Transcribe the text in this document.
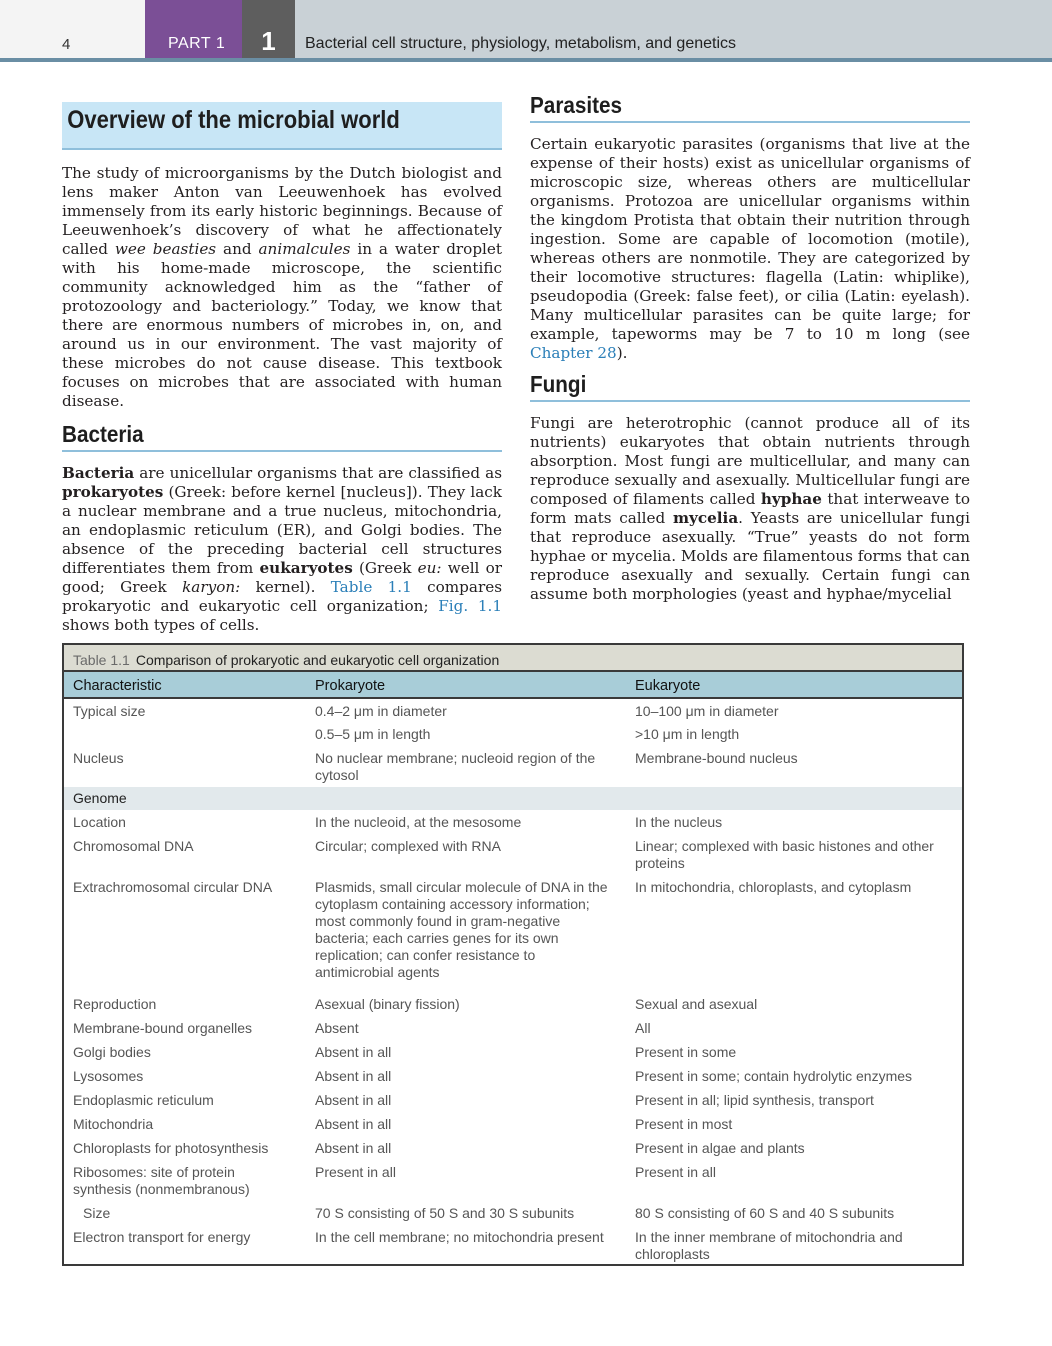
4	PART 1	1	Bacterial cell structure, physiology, metabolism, and genetics
Overview of the microbial world

The study of microorganisms by the Dutch biologist and lens maker Anton van Leeuwenhoek has evolved immensely from its early historic beginnings. Because of Leeuwenhoek’s discovery of what he affectionately called wee beasties and animalcules in a water droplet with his home-made microscope, the scientific community acknowledged him as the “father of protozoology and bacteriology.” Today, we know that there are enormous numbers of microbes in, on, and around us in our environment. The vast majority of these microbes do not cause disease. This textbook focuses on microbes that are associated with human disease.

Bacteria

Bacteria are unicellular organisms that are classified as prokaryotes (Greek: before kernel [nucleus]). They lack a nuclear membrane and a true nucleus, mitochondria, an endoplasmic reticulum (ER), and Golgi bodies. The absence of the preceding bacterial cell structures differentiates them from eukaryotes (Greek eu: well or good; Greek karyon: kernel). Table 1.1 compares prokaryotic and eukaryotic cell organization; Fig. 1.1 shows both types of cells.

Parasites

Certain eukaryotic parasites (organisms that live at the expense of their hosts) exist as unicellular organisms of microscopic size, whereas others are multicellular organisms. Protozoa are unicellular organisms within the kingdom Protista that obtain their nutrition through ingestion. Some are capable of locomotion (motile), whereas others are nonmotile. They are categorized by their locomotive structures: flagella (Latin: whiplike), pseudopodia (Greek: false feet), or cilia (Latin: eyelash). Many multicellular parasites can be quite large; for example, tapeworms may be 7 to 10 m long (see Chapter 28).

Fungi

Fungi are heterotrophic (cannot produce all of its nutrients) eukaryotes that obtain nutrients through absorption. Most fungi are multicellular, and many can reproduce sexually and asexually. Multicellular fungi are composed of filaments called hyphae that interweave to form mats called mycelia. Yeasts are unicellular fungi that reproduce asexually. “True” yeasts do not form hyphae or mycelia. Molds are filamentous forms that can reproduce asexually and sexually. Certain fungi can assume both morphologies (yeast and hyphae/mycelial

Table 1.1 Comparison of prokaryotic and eukaryotic cell organization
Characteristic	Prokaryote	Eukaryote
Typical size	0.4–2 μm in diameter	10–100 μm in diameter
	0.5–5 μm in length	>10 μm in length
Nucleus	No nuclear membrane; nucleoid region of the cytosol	Membrane-bound nucleus
Genome		
Location	In the nucleoid, at the mesosome	In the nucleus
Chromosomal DNA	Circular; complexed with RNA	Linear; complexed with basic histones and other proteins
Extrachromosomal circular DNA	Plasmids, small circular molecule of DNA in the cytoplasm containing accessory information; most commonly found in gram-negative bacteria; each carries genes for its own replication; can confer resistance to antimicrobial agents	In mitochondria, chloroplasts, and cytoplasm
Reproduction	Asexual (binary fission)	Sexual and asexual
Membrane-bound organelles	Absent	All
Golgi bodies	Absent in all	Present in some
Lysosomes	Absent in all	Present in some; contain hydrolytic enzymes
Endoplasmic reticulum	Absent in all	Present in all; lipid synthesis, transport
Mitochondria	Absent in all	Present in most
Chloroplasts for photosynthesis	Absent in all	Present in algae and plants
Ribosomes: site of protein synthesis (nonmembranous)	Present in all	Present in all
Size	70 S consisting of 50 S and 30 S subunits	80 S consisting of 60 S and 40 S subunits
Electron transport for energy	In the cell membrane; no mitochondria present	In the inner membrane of mitochondria and chloroplasts
